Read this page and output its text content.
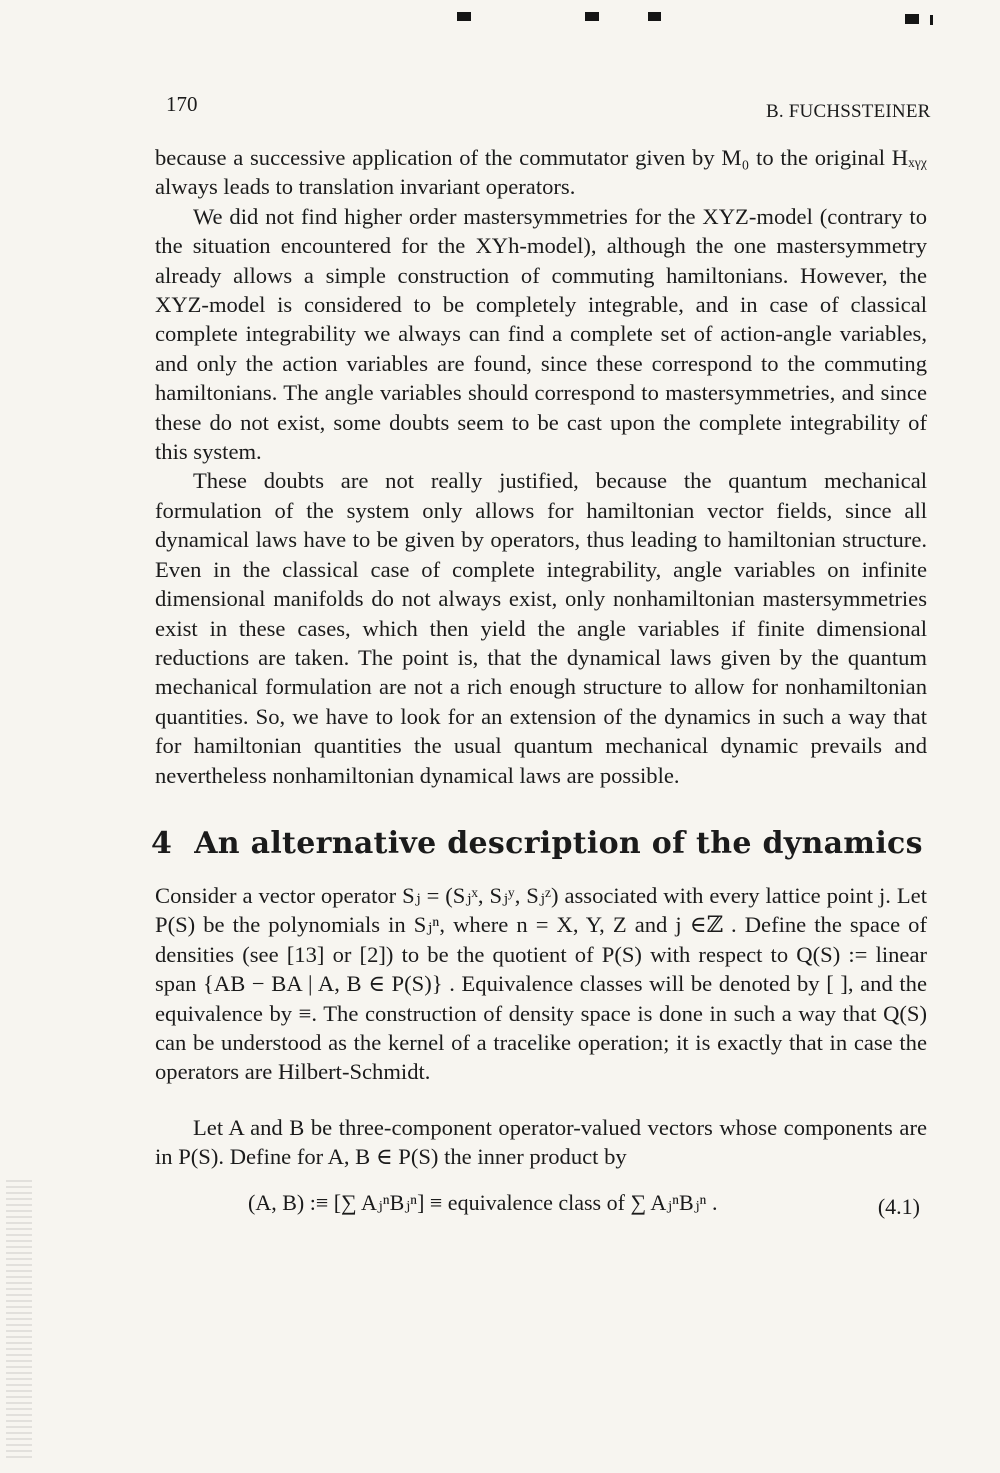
170	B. FUCHSSTEINER

because a successive application of the commutator given by M₀ to the original Hₓᵧᵪ always leads to translation invariant operators.

We did not find higher order mastersymmetries for the XYZ-model (contrary to the situation encountered for the XYh-model), although the one mastersymmetry already allows a simple construction of commuting hamiltonians. However, the XYZ-model is considered to be completely integrable, and in case of classical complete integrability we always can find a complete set of action-angle variables, and only the action variables are found, since these correspond to the commuting hamiltonians. The angle variables should correspond to mastersymmetries, and since these do not exist, some doubts seem to be cast upon the complete integrability of this system.

These doubts are not really justified, because the quantum mechanical formulation of the system only allows for hamiltonian vector fields, since all dynamical laws have to be given by operators, thus leading to hamiltonian structure. Even in the classical case of complete integrability, angle variables on infinite dimensional manifolds do not always exist, only nonhamiltonian mastersymmetries exist in these cases, which then yield the angle variables if finite dimensional reductions are taken. The point is, that the dynamical laws given by the quantum mechanical formulation are not a rich enough structure to allow for nonhamiltonian quantities. So, we have to look for an extension of the dynamics in such a way that for hamiltonian quantities the usual quantum mechanical dynamic prevails and nevertheless nonhamiltonian dynamical laws are possible.

4 An alternative description of the dynamics

Consider a vector operator Sⱼ = (Sⱼˣ, Sⱼʸ, Sⱼᶻ) associated with every lattice point j. Let P(S) be the polynomials in Sⱼⁿ, where n = X, Y, Z and j ∈ℤ . Define the space of densities (see [13] or [2]) to be the quotient of P(S) with respect to Q(S) := linear span {AB − BA | A, B ∈ P(S)} . Equivalence classes will be denoted by [ ], and the equivalence by ≡. The construction of density space is done in such a way that Q(S) can be understood as the kernel of a tracelike operation; it is exactly that in case the operators are Hilbert-Schmidt.

Let A and B be three-component operator-valued vectors whose components are in P(S). Define for A, B ∈ P(S) the inner product by

(A, B) :≡ [∑ AⱼⁿBⱼⁿ] ≡ equivalence class of ∑ AⱼⁿBⱼⁿ .	(4.1)
